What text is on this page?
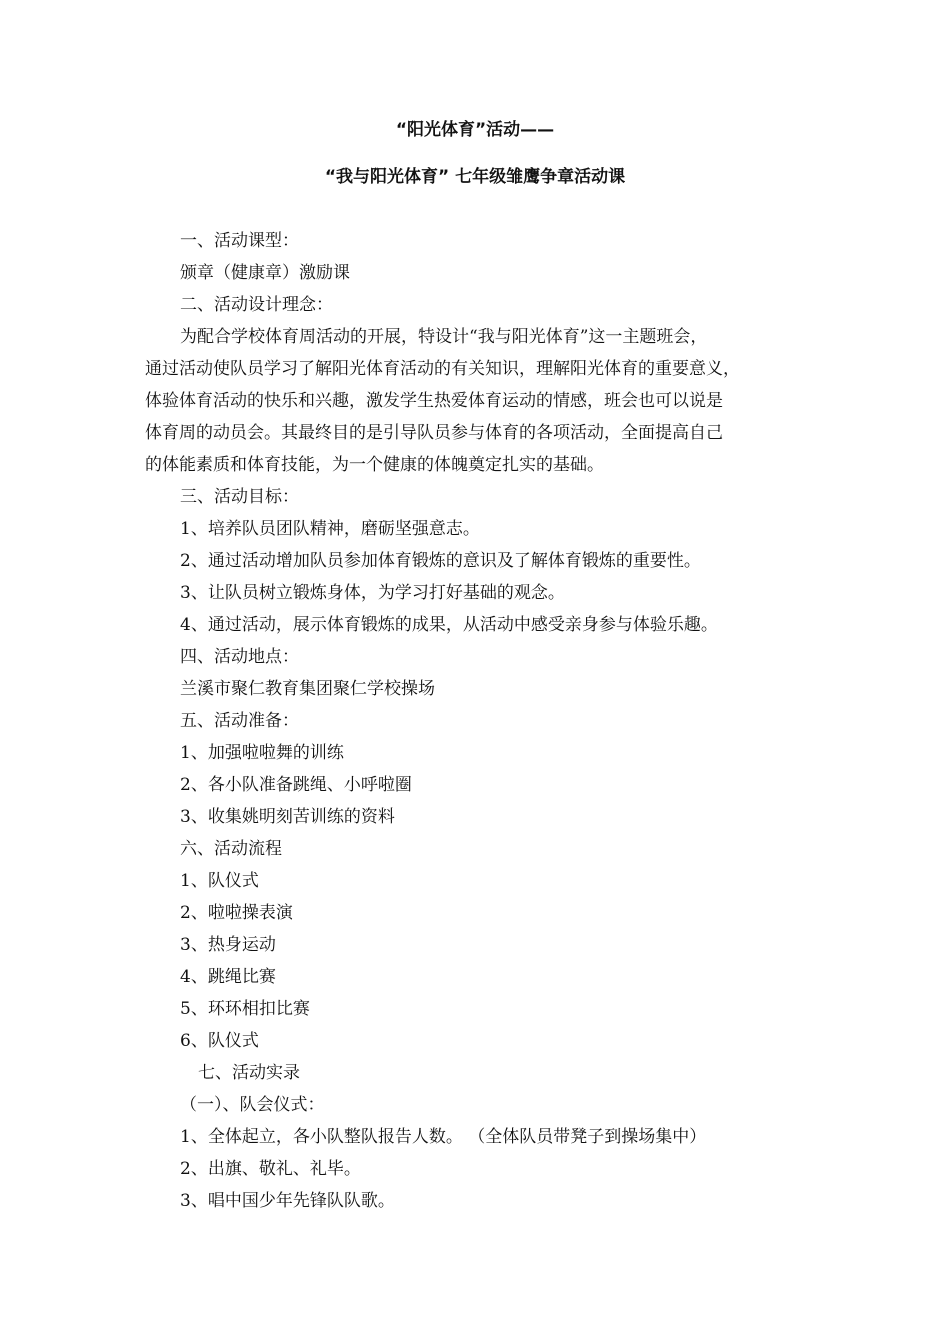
“阳光体育”活动——
“我与阳光体育” 七年级雏鹰争章活动课
一、活动课型：
颁章（健康章）激励课
二、活动设计理念：
为配合学校体育周活动的开展，特设计“我与阳光体育”这一主题班会，
通过活动使队员学习了解阳光体育活动的有关知识，理解阳光体育的重要意义，
体验体育活动的快乐和兴趣，激发学生热爱体育运动的情感，班会也可以说是
体育周的动员会。其最终目的是引导队员参与体育的各项活动，全面提高自己
的体能素质和体育技能，为一个健康的体魄奠定扎实的基础。
三、活动目标：
1、培养队员团队精神，磨砺坚强意志。
2、通过活动增加队员参加体育锻炼的意识及了解体育锻炼的重要性。
3、让队员树立锻炼身体，为学习打好基础的观念。
4、通过活动，展示体育锻炼的成果，从活动中感受亲身参与体验乐趣。
四、活动地点：
兰溪市聚仁教育集团聚仁学校操场
五、活动准备：
1、加强啦啦舞的训练
2、各小队准备跳绳、小呼啦圈
3、收集姚明刻苦训练的资料
六、活动流程
1、队仪式
2、啦啦操表演
3、热身运动
4、跳绳比赛
5、环环相扣比赛
6、队仪式
七、活动实录
（一）、队会仪式：
1、全体起立，各小队整队报告人数。 （全体队员带凳子到操场集中）
2、出旗、敬礼、礼毕。
3、唱中国少年先锋队队歌。
